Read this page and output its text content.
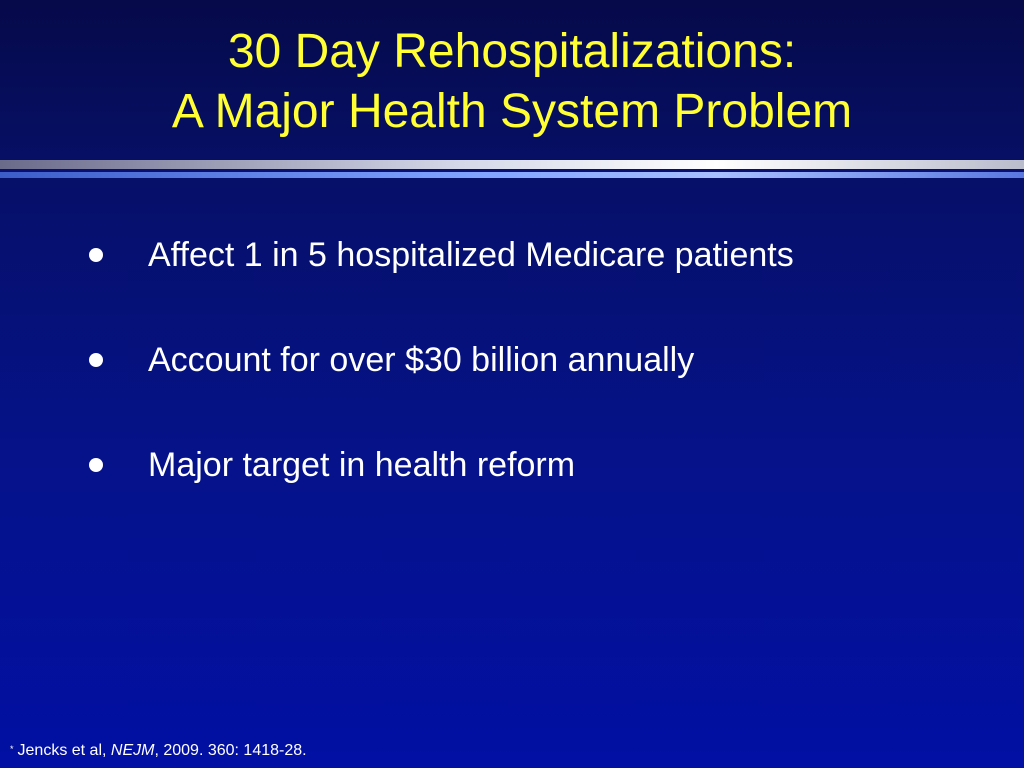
30 Day Rehospitalizations:
A Major Health System Problem
Affect 1 in 5 hospitalized Medicare patients
Account for over $30 billion annually
Major target in health reform
* Jencks et al, NEJM, 2009. 360: 1418-28.
